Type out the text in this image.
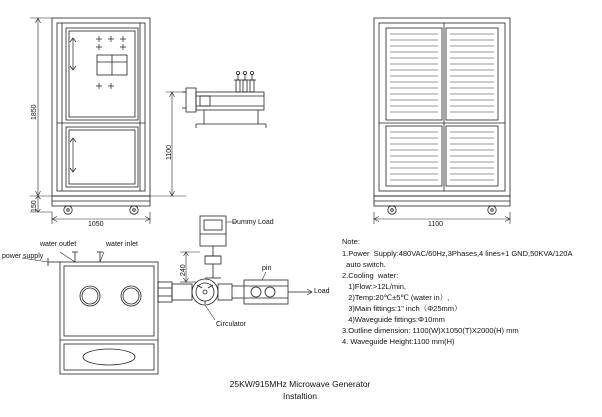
1850
150
1050
1100
1100
240
Dummy Load
water outlet	water inlet
power supply
pin
Load
Circulator
Note:
1.Power  Supply:480VAC/60Hz,3Phases,4 lines+1 GND,50KVA/120A
auto switch.
2.Cooling  water:
1)Flow:>12L/min,
2)Temp:20℃±5℃ (water in）,
3)Main fittings:1" inch（Φ25mm）
4)Waveguide fittings:Φ10mm
3.Outline dimension: 1100(W)X1050(T)X2000(H) mm
4. Waveguide Height:1100 mm(H)
25KW/915MHz Microwave Generator
Instaltion
